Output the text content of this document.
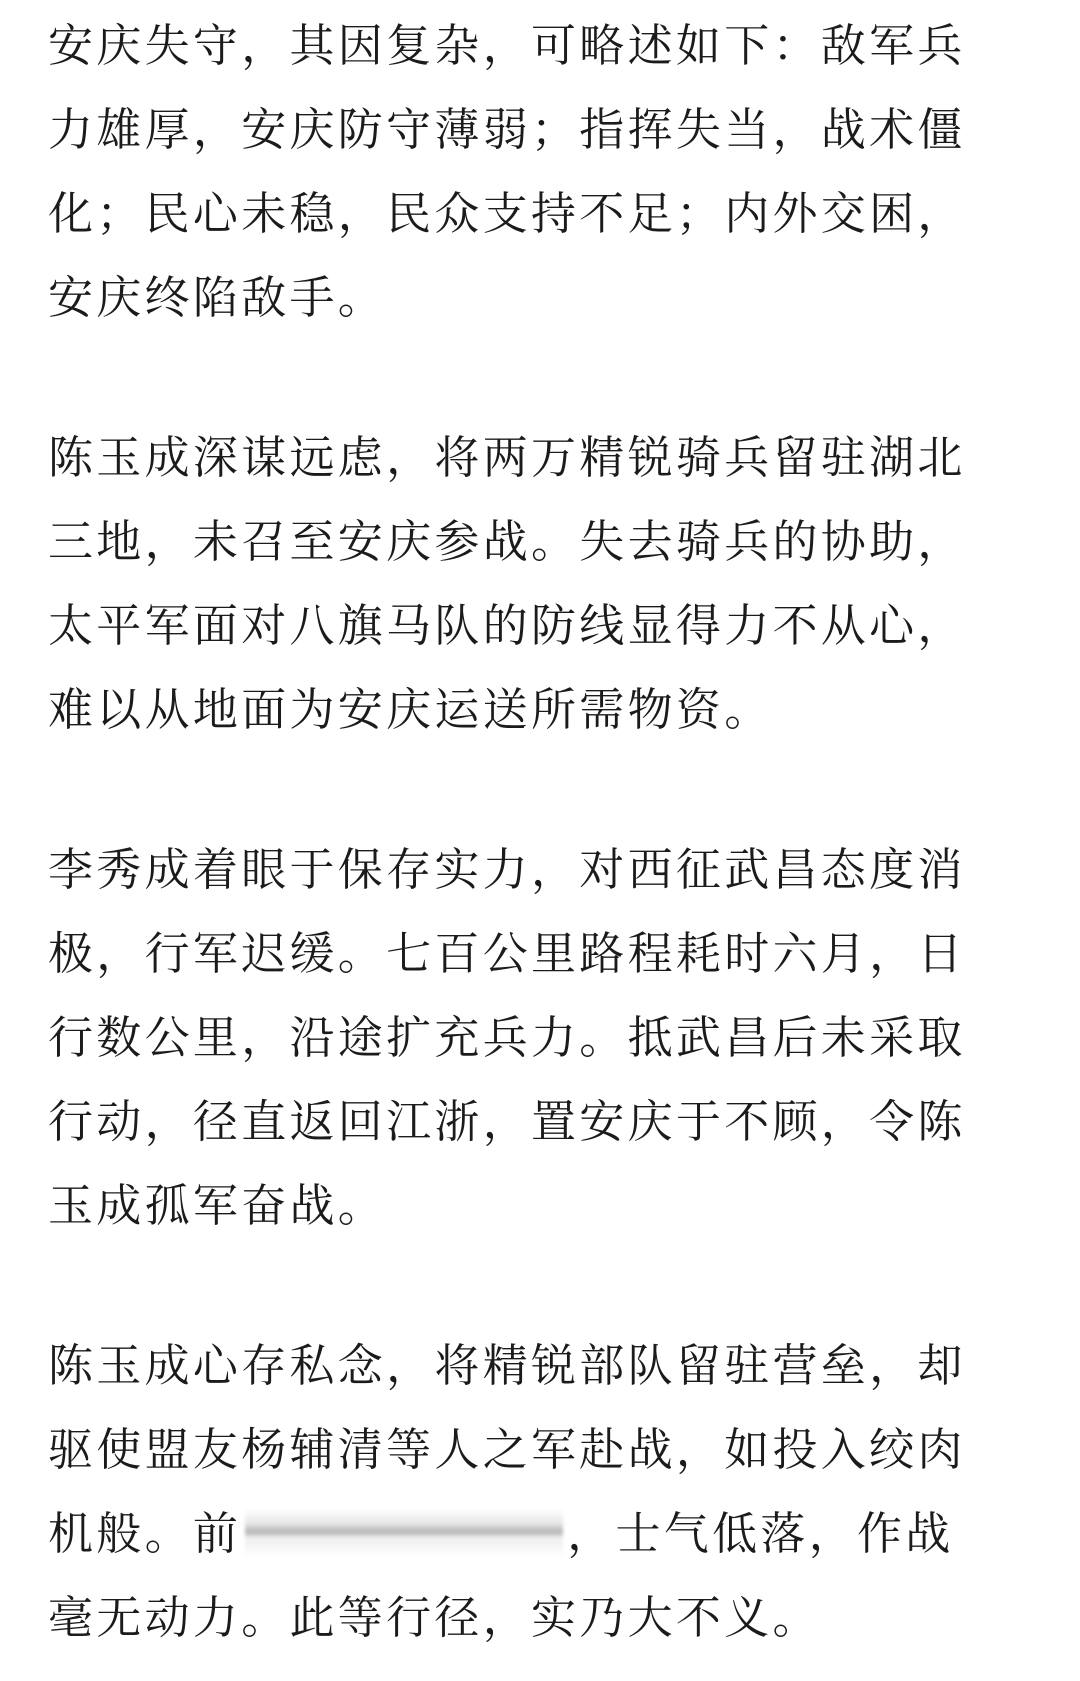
安庆失守，其因复杂，可略述如下：敌军兵
力雄厚，安庆防守薄弱；指挥失当，战术僵
化；民心未稳，民众支持不足；内外交困，
安庆终陷敌手。

陈玉成深谋远虑，将两万精锐骑兵留驻湖北
三地，未召至安庆参战。失去骑兵的协助，
太平军面对八旗马队的防线显得力不从心，
难以从地面为安庆运送所需物资。

李秀成着眼于保存实力，对西征武昌态度消
极，行军迟缓。七百公里路程耗时六月，日
行数公里，沿途扩充兵力。抵武昌后未采取
行动，径直返回江浙，置安庆于不顾，令陈
玉成孤军奋战。

陈玉成心存私念，将精锐部队留驻营垒，却
驱使盟友杨辅清等人之军赴战，如投入绞肉
机般。前	，士气低落，作战
毫无动力。此等行径，实乃大不义。
